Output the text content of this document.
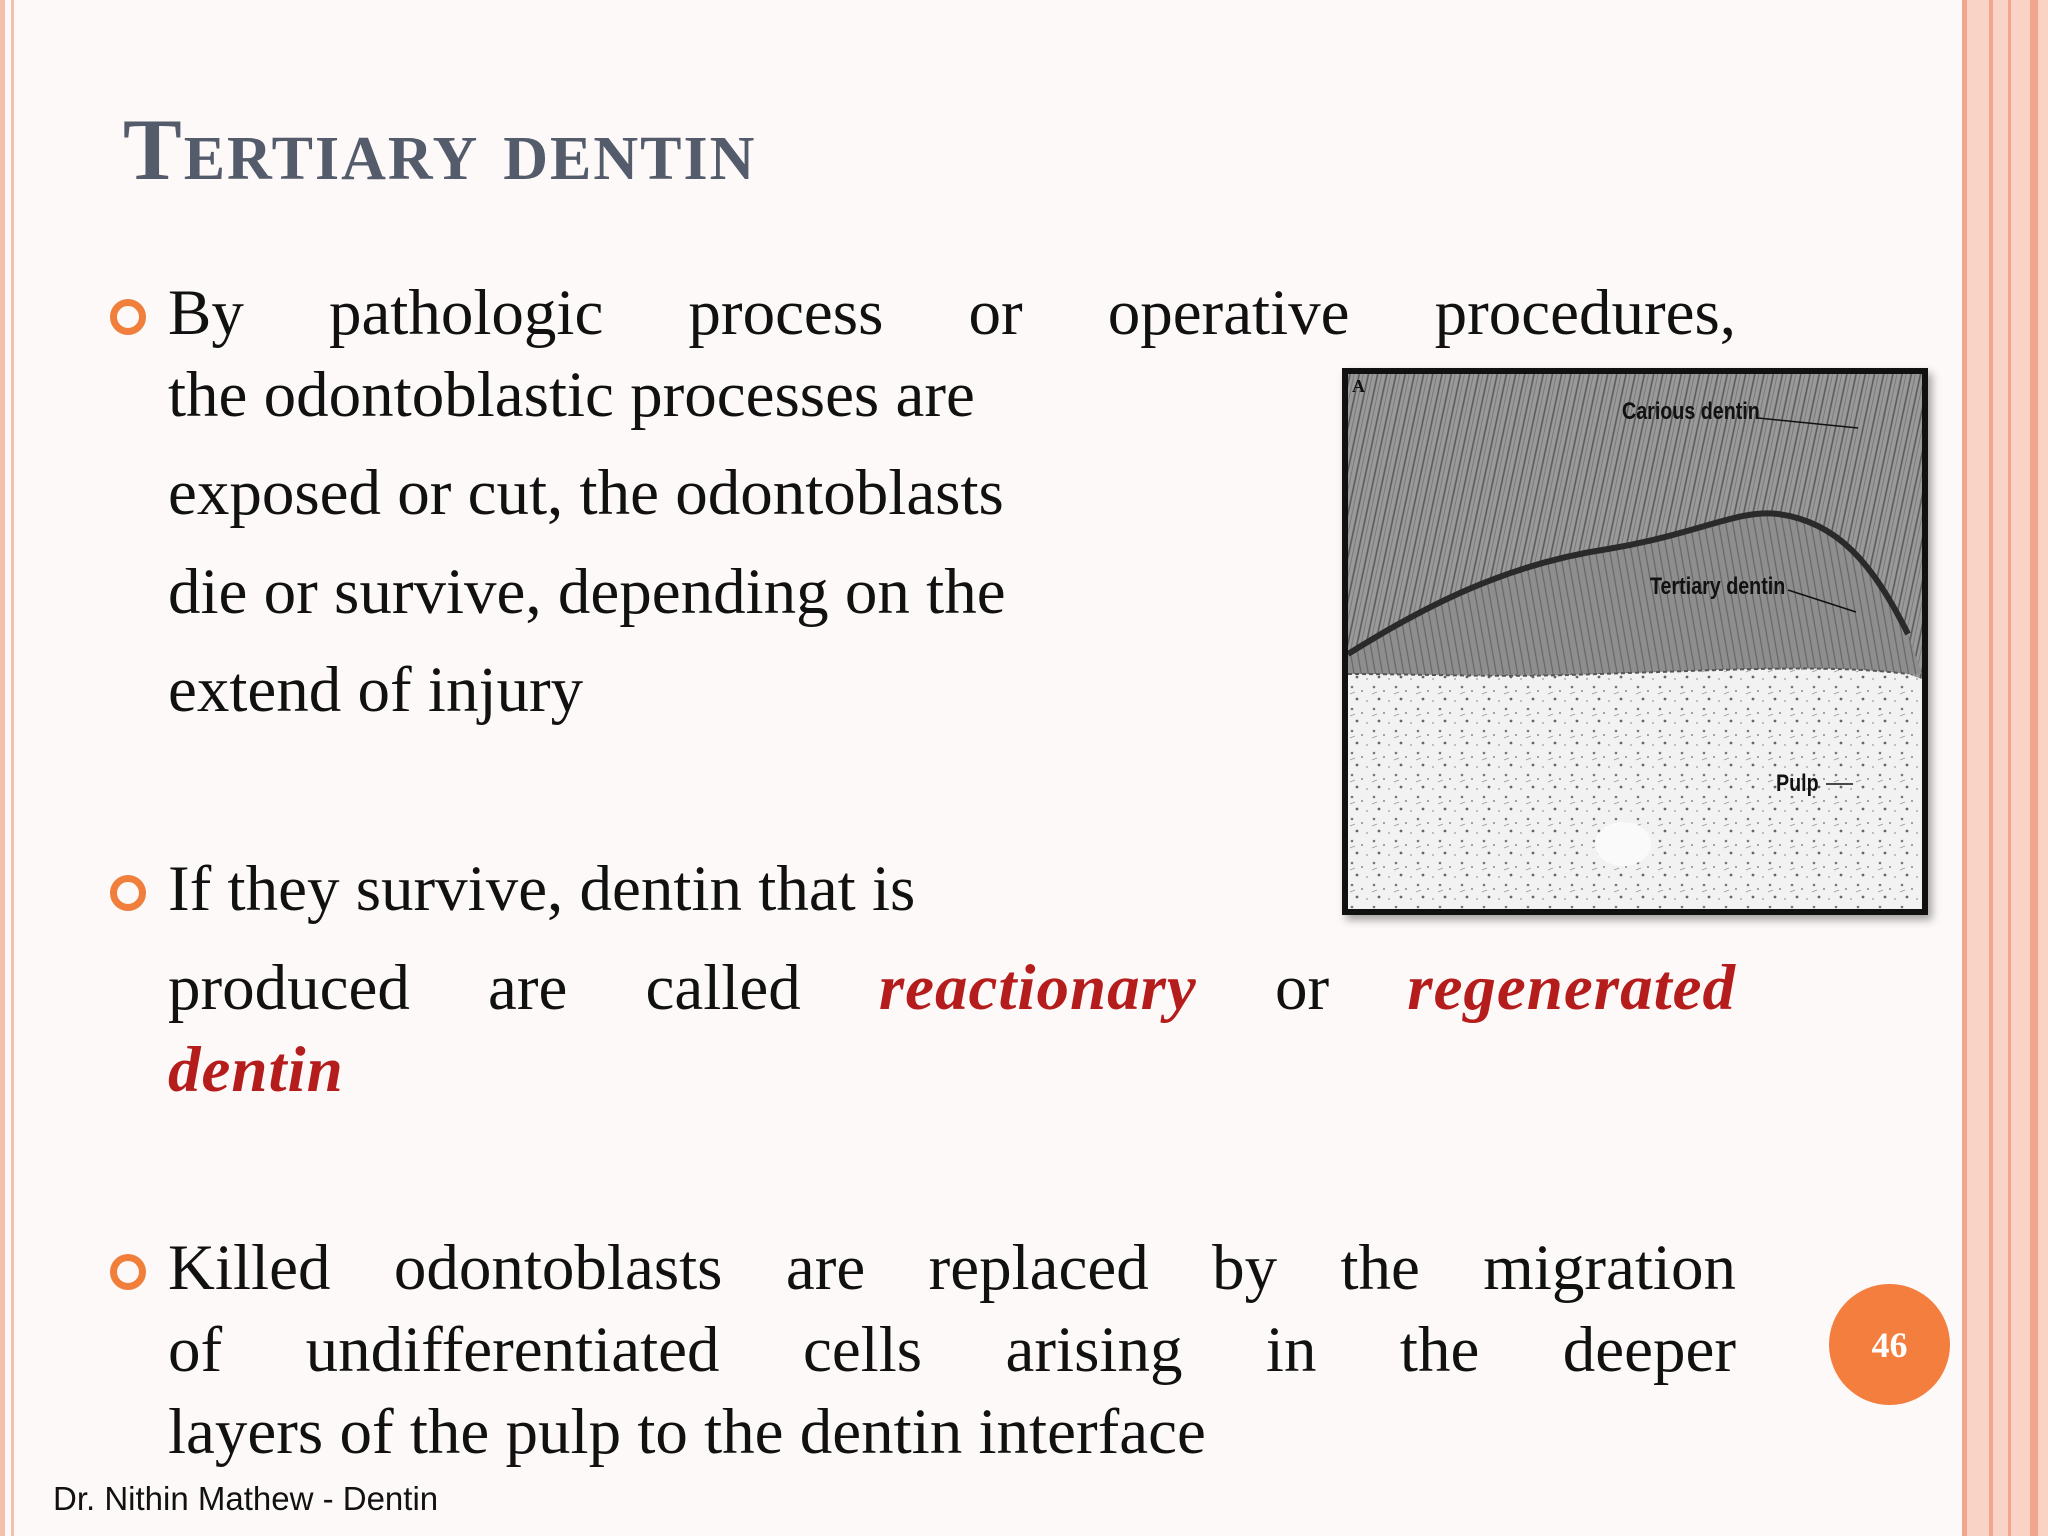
Tertiary dentin

By pathologic process or operative procedures,

the odontoblastic processes are

exposed or cut, the odontoblasts

die or survive, depending on the

extend of injury

If they survive, dentin that is

produced are called reactionary or regenerated

dentin

Killed odontoblasts are replaced by the migration

of undifferentiated cells arising in the deeper

layers of the pulp to the dentin interface

A
Carious dentin
Tertiary dentin
Pulp
46
Dr. Nithin Mathew - Dentin
